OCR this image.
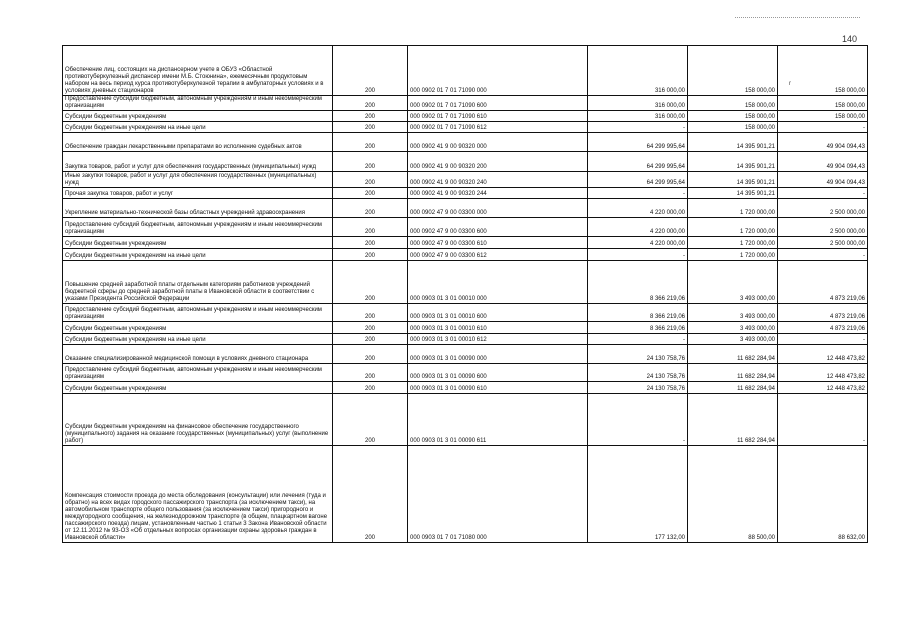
140
r
Обеспечение лиц, состоящих на диспансерном учете в ОБУЗ «Областной противотуберкулезный диспансер имени М.Б. Стоюнина», ежемесячным продуктовым набором на весь период курса противотуберкулезной терапии в амбулаторных условиях и в условиях дневных стационаров	200	000 0902 01 7 01 71090 000	316 000,00	158 000,00	158 000,00
Предоставление субсидий бюджетным, автономным учреждениям и иным некоммерческим организациям	200	000 0902 01 7 01 71090 600	316 000,00	158 000,00	158 000,00
Субсидии бюджетным учреждениям	200	000 0902 01 7 01 71090 610	316 000,00	158 000,00	158 000,00
Субсидии бюджетным учреждениям на иные цели	200	000 0902 01 7 01 71090 612	-	158 000,00	-
Обеспечение граждан лекарственными препаратами во исполнение судебных актов	200	000 0902 41 9 00 90320 000	64 299 995,64	14 395 901,21	49 904 094,43
Закупка товаров, работ и услуг для обеспечения государственных (муниципальных) нужд	200	000 0902 41 9 00 90320 200	64 299 995,64	14 395 901,21	49 904 094,43
Иные закупки товаров, работ и услуг для обеспечения государственных (муниципальных) нужд	200	000 0902 41 9 00 90320 240	64 299 995,64	14 395 901,21	49 904 094,43
Прочая закупка товаров, работ и услуг	200	000 0902 41 9 00 90320 244	-	14 395 901,21	-
Укрепление материально-технической базы областных учреждений здравоохранения	200	000 0902 47 9 00 03300 000	4 220 000,00	1 720 000,00	2 500 000,00
Предоставление субсидий бюджетным, автономным учреждениям и иным некоммерческим организациям	200	000 0902 47 9 00 03300 600	4 220 000,00	1 720 000,00	2 500 000,00
Субсидии бюджетным учреждениям	200	000 0902 47 9 00 03300 610	4 220 000,00	1 720 000,00	2 500 000,00
Субсидии бюджетным учреждениям на иные цели	200	000 0902 47 9 00 03300 612	-	1 720 000,00	-
Повышение средней заработной платы отдельным категориям работников учреждений бюджетной сферы до средней заработной платы в Ивановской области в соответствии с указами Президента Российской Федерации	200	000 0903 01 3 01 00010 000	8 366 219,06	3 493 000,00	4 873 219,06
Предоставление субсидий бюджетным, автономным учреждениям и иным некоммерческим организациям	200	000 0903 01 3 01 00010 600	8 366 219,06	3 493 000,00	4 873 219,06
Субсидии бюджетным учреждениям	200	000 0903 01 3 01 00010 610	8 366 219,06	3 493 000,00	4 873 219,06
Субсидии бюджетным учреждениям на иные цели	200	000 0903 01 3 01 00010 612	-	3 493 000,00	-
Оказание специализированной медицинской помощи в условиях дневного стационара	200	000 0903 01 3 01 00090 000	24 130 758,76	11 682 284,94	12 448 473,82
Предоставление субсидий бюджетным, автономным учреждениям и иным некоммерческим организациям	200	000 0903 01 3 01 00090 600	24 130 758,76	11 682 284,94	12 448 473,82
Субсидии бюджетным учреждениям	200	000 0903 01 3 01 00090 610	24 130 758,76	11 682 284,94	12 448 473,82
Субсидии бюджетным учреждениям на финансовое обеспечение государственного (муниципального) задания на оказание государственных (муниципальных) услуг (выполнение работ)	200	000 0903 01 3 01 00090 611	-	11 682 284,94	-
Компенсация стоимости проезда до места обследования (консультации) или лечения (туда и обратно) на всех видах городского пассажирского транспорта (за исключением такси), на автомобильном транспорте общего пользования (за исключением такси) пригородного и междугородного сообщения, на железнодорожном транспорте (в общем, плацкартном вагоне пассажирского поезда) лицам, установленным частью 1 статьи 3 Закона Ивановской области от 12.11.2012 № 93-ОЗ «Об отдельных вопросах организации охраны здоровья граждан в Ивановской области»	200	000 0903 01 7 01 71080 000	177 132,00	88 500,00	88 632,00
